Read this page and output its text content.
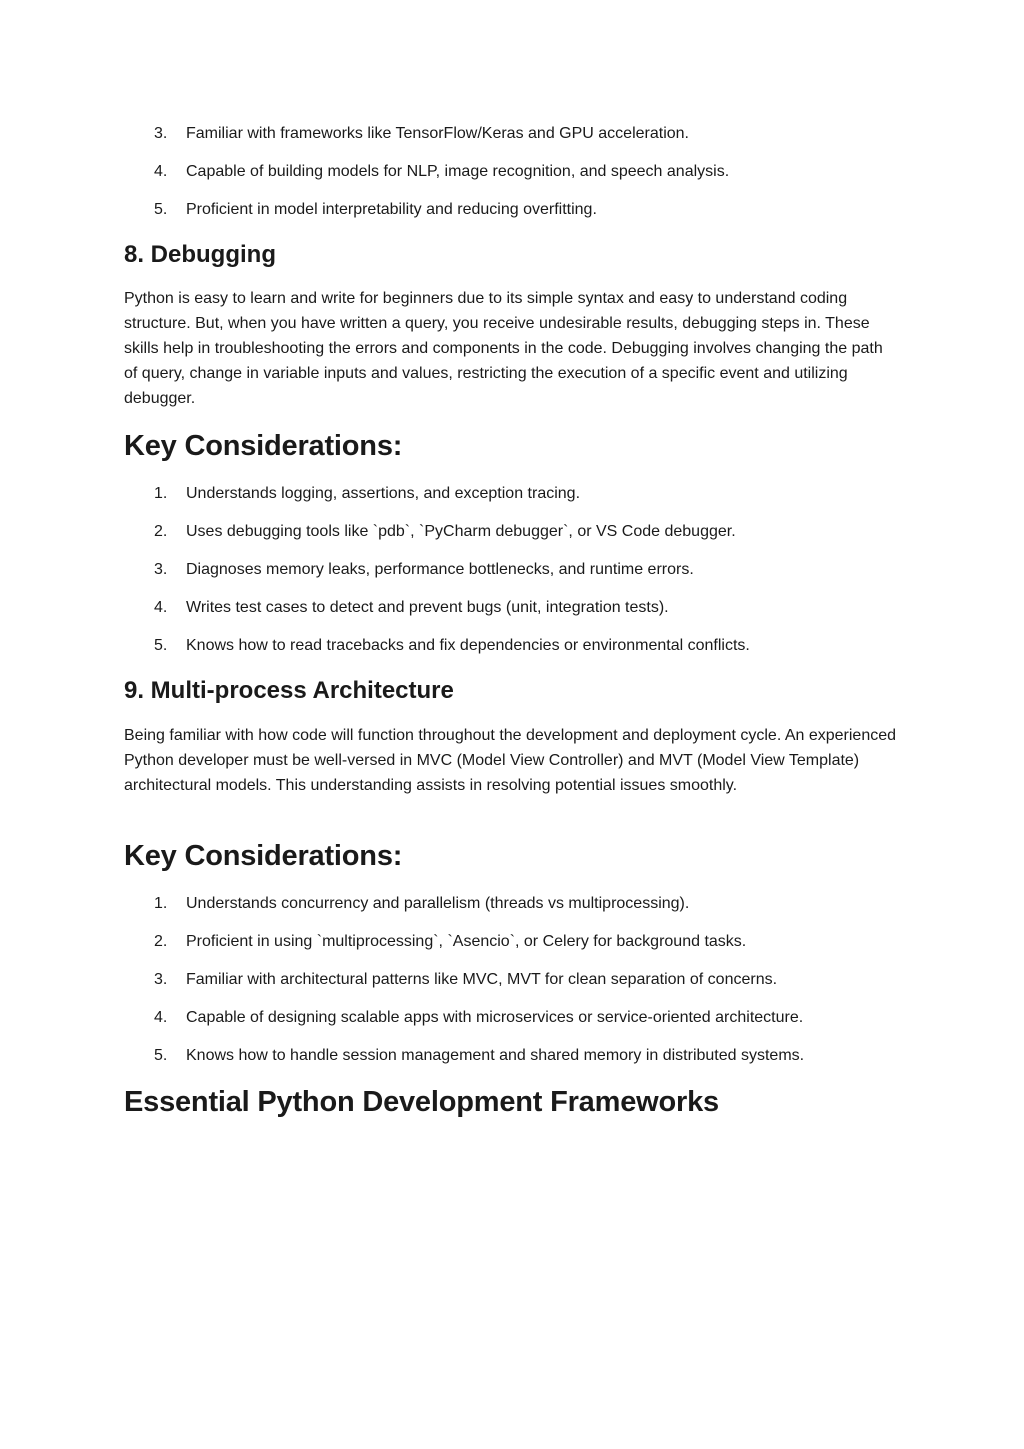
3.	Familiar with frameworks like TensorFlow/Keras and GPU acceleration.
4.	Capable of building models for NLP, image recognition, and speech analysis.
5.	Proficient in model interpretability and reducing overfitting.
8. Debugging

Python is easy to learn and write for beginners due to its simple syntax and easy to understand coding structure. But, when you have written a query, you receive undesirable results, debugging steps in. These skills help in troubleshooting the errors and components in the code. Debugging involves changing the path of query, change in variable inputs and values, restricting the execution of a specific event and utilizing debugger.

Key Considerations:
1.	Understands logging, assertions, and exception tracing.
2.	Uses debugging tools like `pdb`, `PyCharm debugger`, or VS Code debugger.
3.	Diagnoses memory leaks, performance bottlenecks, and runtime errors.
4.	Writes test cases to detect and prevent bugs (unit, integration tests).
5.	Knows how to read tracebacks and fix dependencies or environmental conflicts.
9. Multi-process Architecture

Being familiar with how code will function throughout the development and deployment cycle. An experienced Python developer must be well-versed in MVC (Model View Controller) and MVT (Model View Template) architectural models. This understanding assists in resolving potential issues smoothly.

Key Considerations:
1.	Understands concurrency and parallelism (threads vs multiprocessing).
2.	Proficient in using `multiprocessing`, `Asencio`, or Celery for background tasks.
3.	Familiar with architectural patterns like MVC, MVT for clean separation of concerns.
4.	Capable of designing scalable apps with microservices or service-oriented architecture.
5.	Knows how to handle session management and shared memory in distributed systems.
Essential Python Development Frameworks
